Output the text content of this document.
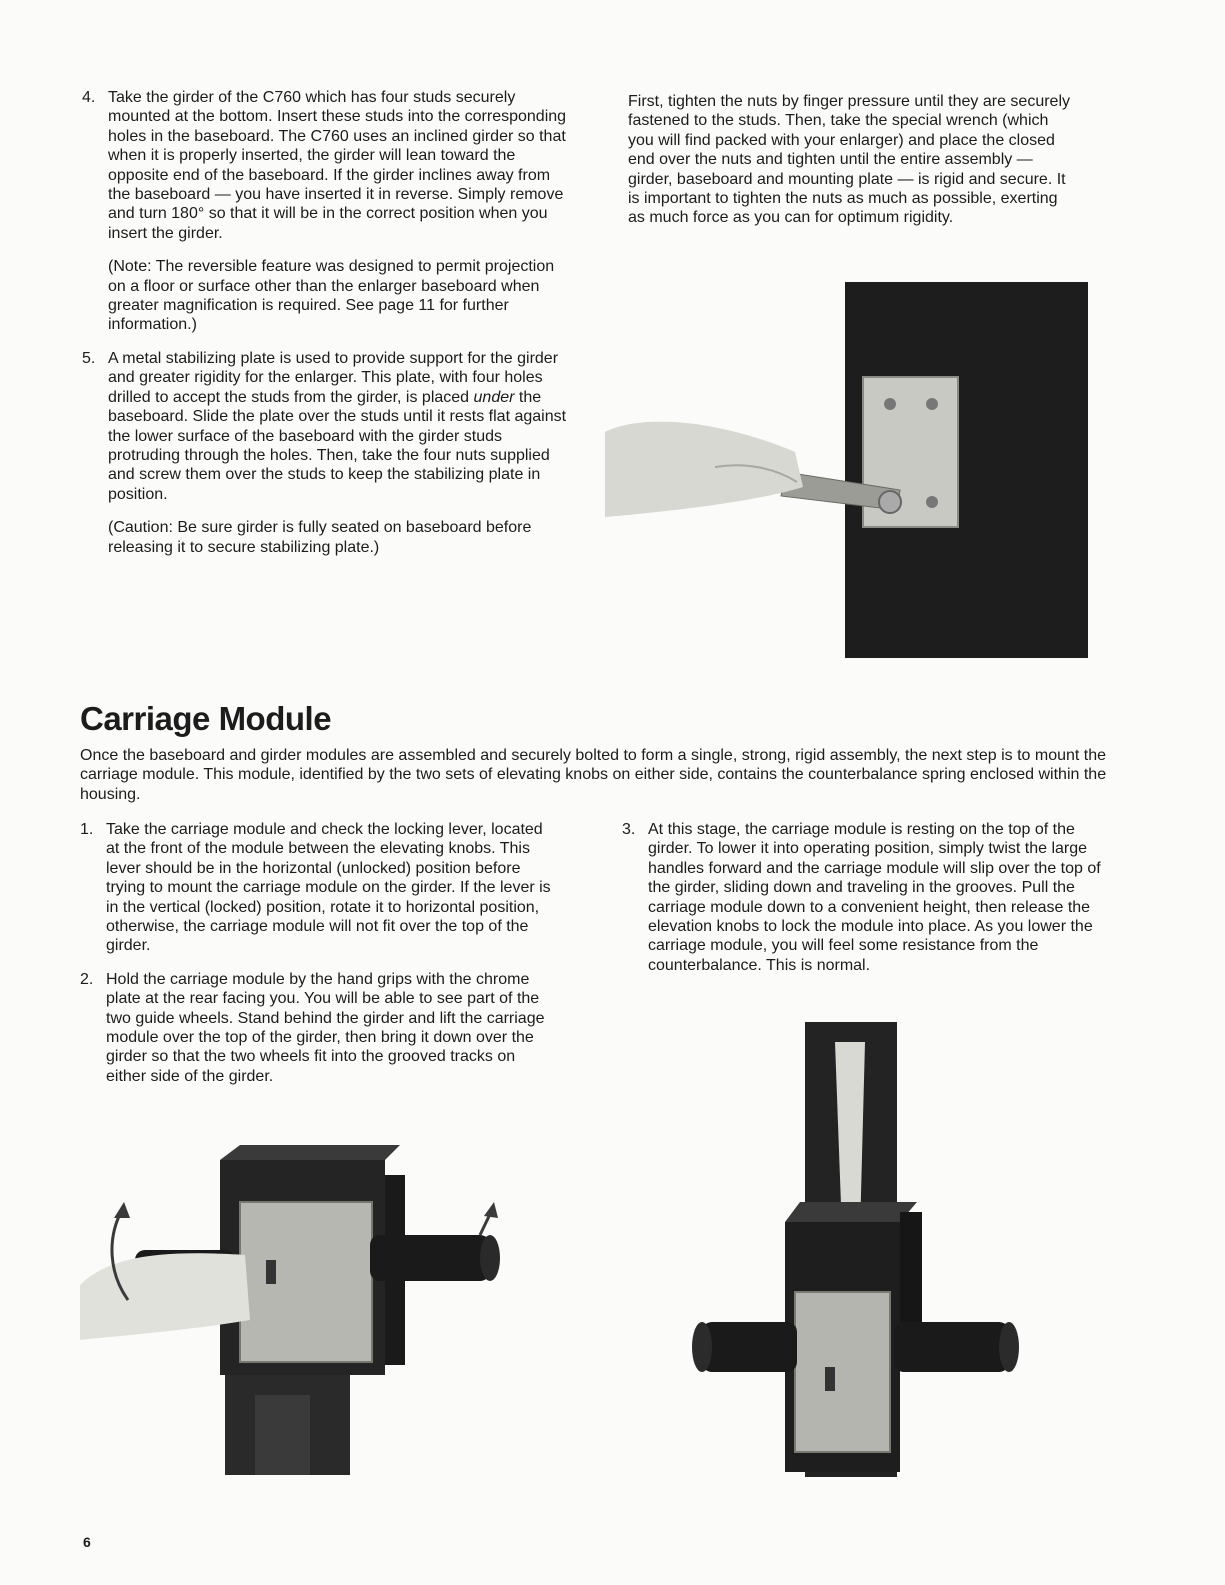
4. Take the girder of the C760 which has four studs securely mounted at the bottom. Insert these studs into the corresponding holes in the baseboard. The C760 uses an inclined girder so that when it is properly inserted, the girder will lean toward the opposite end of the baseboard. If the girder inclines away from the baseboard — you have inserted it in reverse. Simply remove and turn 180° so that it will be in the correct position when you insert the girder.
(Note: The reversible feature was designed to permit projection on a floor or surface other than the enlarger baseboard when greater magnification is required. See page 11 for further information.)
5. A metal stabilizing plate is used to provide support for the girder and greater rigidity for the enlarger. This plate, with four holes drilled to accept the studs from the girder, is placed under the baseboard. Slide the plate over the studs until it rests flat against the lower surface of the baseboard with the girder studs protruding through the holes. Then, take the four nuts supplied and screw them over the studs to keep the stabilizing plate in position.
(Caution: Be sure girder is fully seated on baseboard before releasing it to secure stabilizing plate.)

First, tighten the nuts by finger pressure until they are securely fastened to the studs. Then, take the special wrench (which you will find packed with your enlarger) and place the closed end over the nuts and tighten until the entire assembly — girder, baseboard and mounting plate — is rigid and secure. It is important to tighten the nuts as much as possible, exerting as much force as you can for optimum rigidity.

Carriage Module
Once the baseboard and girder modules are assembled and securely bolted to form a single, strong, rigid assembly, the next step is to mount the carriage module. This module, identified by the two sets of elevating knobs on either side, contains the counterbalance spring enclosed within the housing.
1. Take the carriage module and check the locking lever, located at the front of the module between the elevating knobs. This lever should be in the horizontal (unlocked) position before trying to mount the carriage module on the girder. If the lever is in the vertical (locked) position, rotate it to horizontal position, otherwise, the carriage module will not fit over the top of the girder.
2. Hold the carriage module by the hand grips with the chrome plate at the rear facing you. You will be able to see part of the two guide wheels. Stand behind the girder and lift the carriage module over the top of the girder, then bring it down over the girder so that the two wheels fit into the grooved tracks on either side of the girder.
3. At this stage, the carriage module is resting on the top of the girder. To lower it into operating position, simply twist the large handles forward and the carriage module will slip over the top of the girder, sliding down and traveling in the grooves. Pull the carriage module down to a convenient height, then release the elevation knobs to lock the module into place. As you lower the carriage module, you will feel some resistance from the counterbalance. This is normal.
6
